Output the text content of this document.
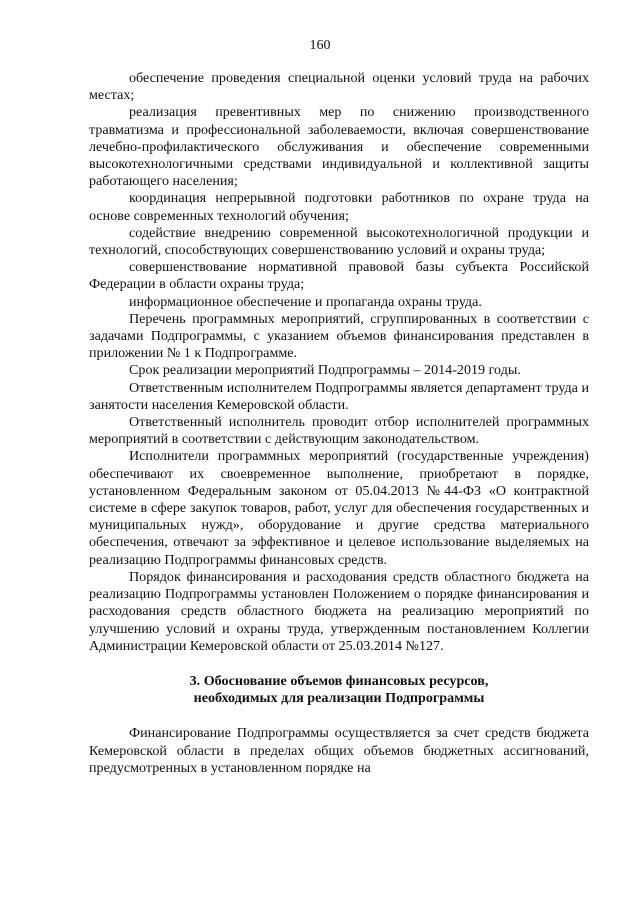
160

обеспечение проведения специальной оценки условий труда на рабочих местах;

реализация превентивных мер по снижению производственного травматизма и профессиональной заболеваемости, включая совершенствование лечебно-профилактического обслуживания и обеспечение современными высокотехнологичными средствами индивидуальной и коллективной защиты работающего населения;

координация непрерывной подготовки работников по охране труда на основе современных технологий обучения;

содействие внедрению современной высокотехнологичной продукции и технологий, способствующих совершенствованию условий и охраны труда;

совершенствование нормативной правовой базы субъекта Российской Федерации в области охраны труда;

информационное обеспечение и пропаганда охраны труда.

Перечень программных мероприятий, сгруппированных в соответствии с задачами Подпрограммы, с указанием объемов финансирования представлен в приложении № 1 к Подпрограмме.

Срок реализации мероприятий Подпрограммы – 2014-2019 годы.

Ответственным исполнителем Подпрограммы является департамент труда и занятости населения Кемеровской области.

Ответственный исполнитель проводит отбор исполнителей программных мероприятий в соответствии с действующим законодательством.

Исполнители программных мероприятий (государственные учреждения) обеспечивают их своевременное выполнение, приобретают в порядке, установленном Федеральным законом от 05.04.2013 №44-ФЗ «О контрактной системе в сфере закупок товаров, работ, услуг для обеспечения государственных и муниципальных нужд», оборудование и другие средства материального обеспечения, отвечают за эффективное и целевое использование выделяемых на реализацию Подпрограммы финансовых средств.

Порядок финансирования и расходования средств областного бюджета на реализацию Подпрограммы установлен Положением о порядке финансирования и расходования средств областного бюджета на реализацию мероприятий по улучшению условий и охраны труда, утвержденным постановлением Коллегии Администрации Кемеровской области от 25.03.2014 №127.

3. Обоснование объемов финансовых ресурсов,
необходимых для реализации Подпрограммы

Финансирование Подпрограммы осуществляется за счет средств бюджета Кемеровской области в пределах общих объемов бюджетных ассигнований, предусмотренных в установленном порядке на
